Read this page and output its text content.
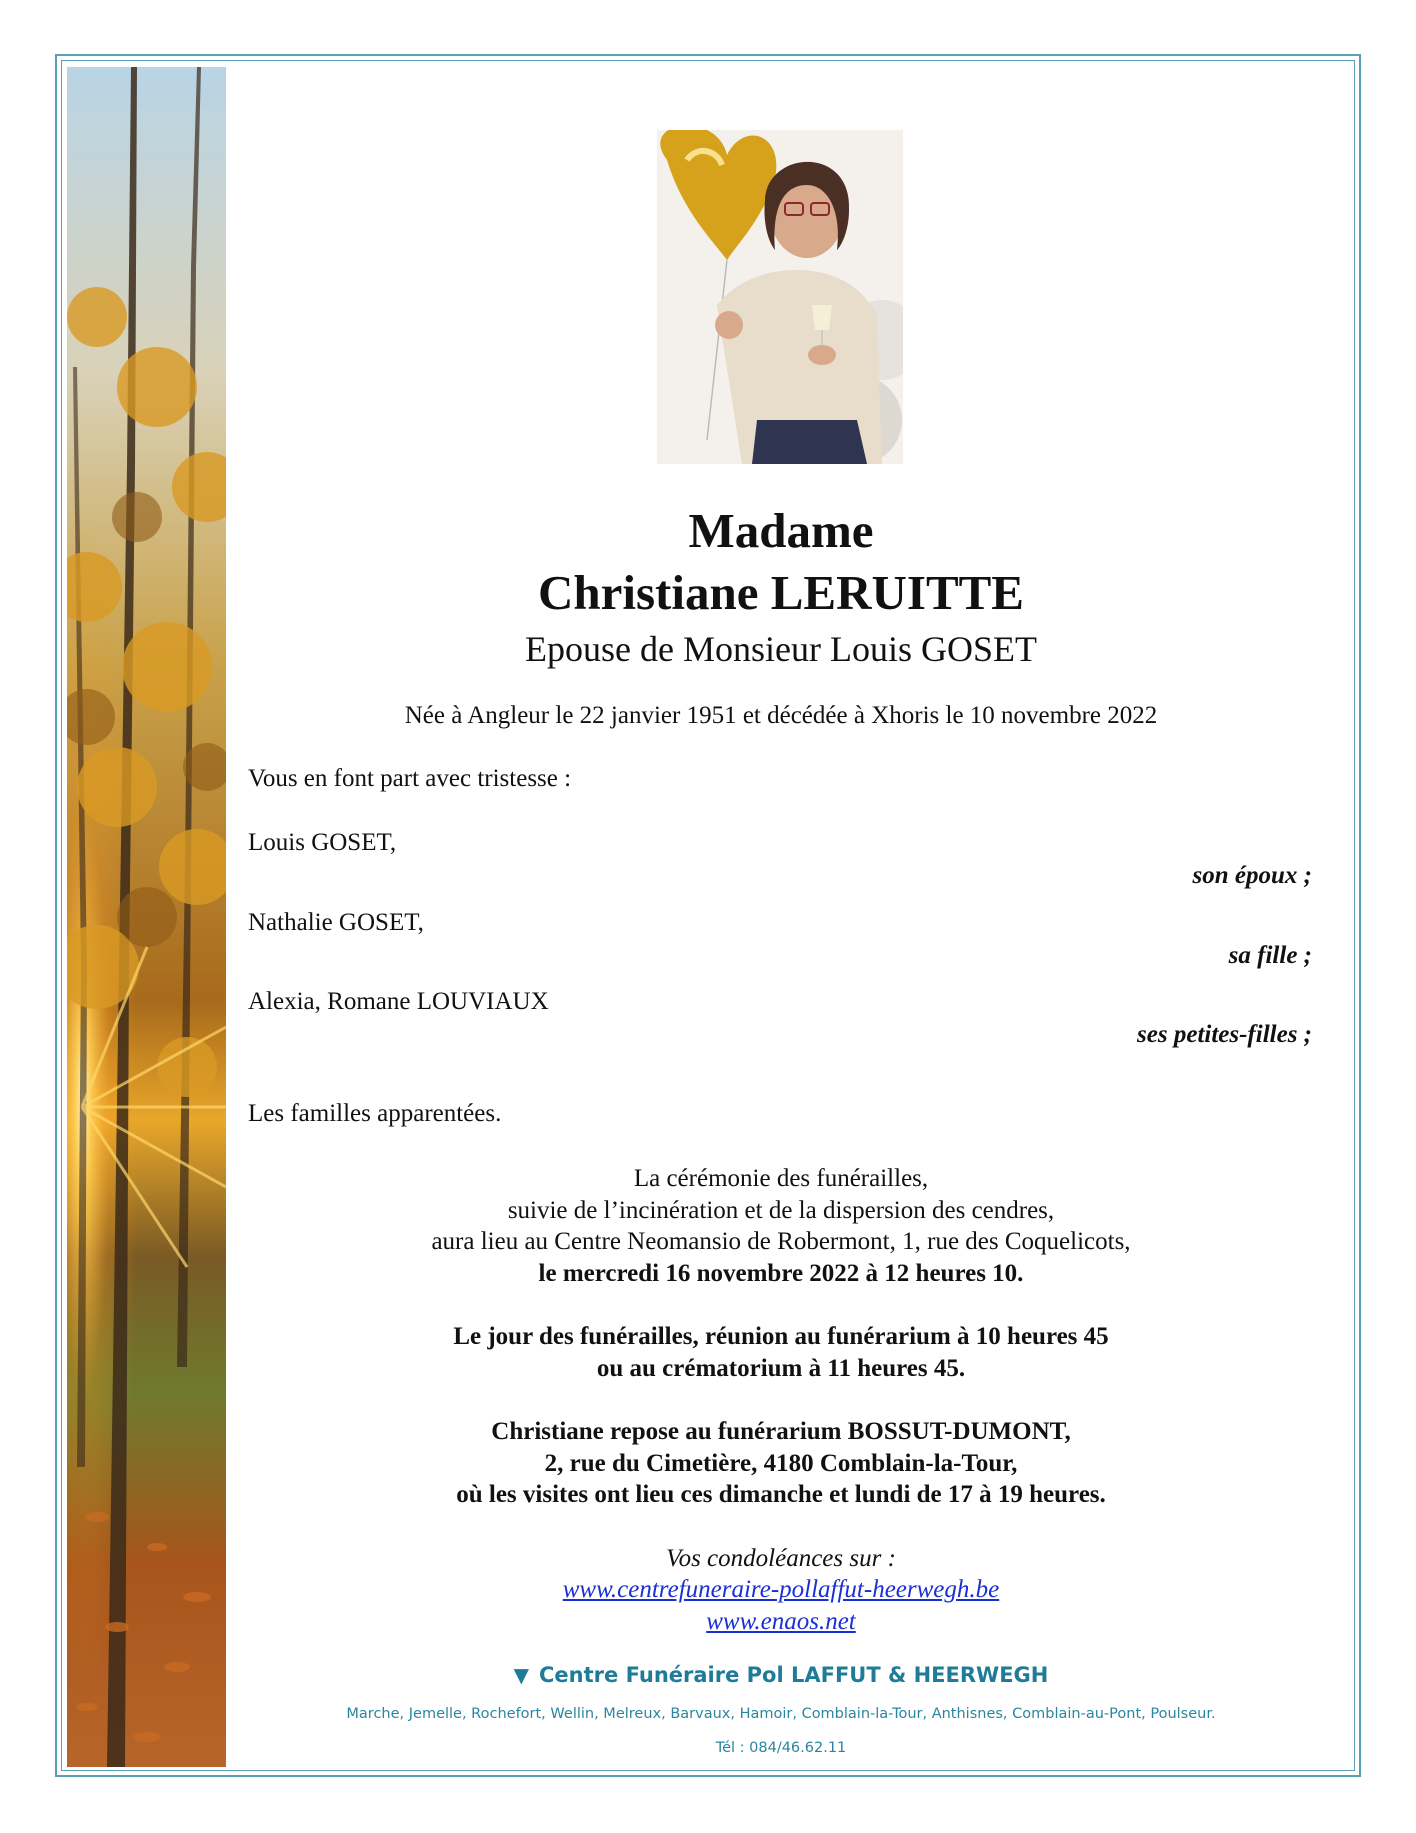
Madame
Christiane LERUITTE
Epouse de Monsieur Louis GOSET
Née à Angleur le 22 janvier 1951 et décédée à Xhoris le 10 novembre 2022
Vous en font part avec tristesse :
Louis GOSET,
son époux ;
Nathalie GOSET,
sa fille ;
Alexia, Romane LOUVIAUX
ses petites-filles ;
Les familles apparentées.
La cérémonie des funérailles,
suivie de l’incinération et de la dispersion des cendres,
aura lieu au Centre Neomansio de Robermont, 1, rue des Coquelicots,
le mercredi 16 novembre 2022 à 12 heures 10.
Le jour des funérailles, réunion au funérarium à 10 heures 45
ou au crématorium à 11 heures 45.
Christiane repose au funérarium BOSSUT-DUMONT,
2, rue du Cimetière, 4180 Comblain-la-Tour,
où les visites ont lieu ces dimanche et lundi de 17 à 19 heures.
Vos condoléances sur :
www.centrefuneraire-pollaffut-heerwegh.be
www.enaos.net
▼ Centre Funéraire Pol LAFFUT & HEERWEGH
Marche, Jemelle, Rochefort, Wellin, Melreux, Barvaux, Hamoir, Comblain-la-Tour, Anthisnes, Comblain-au-Pont, Poulseur.
Tél : 084/46.62.11
